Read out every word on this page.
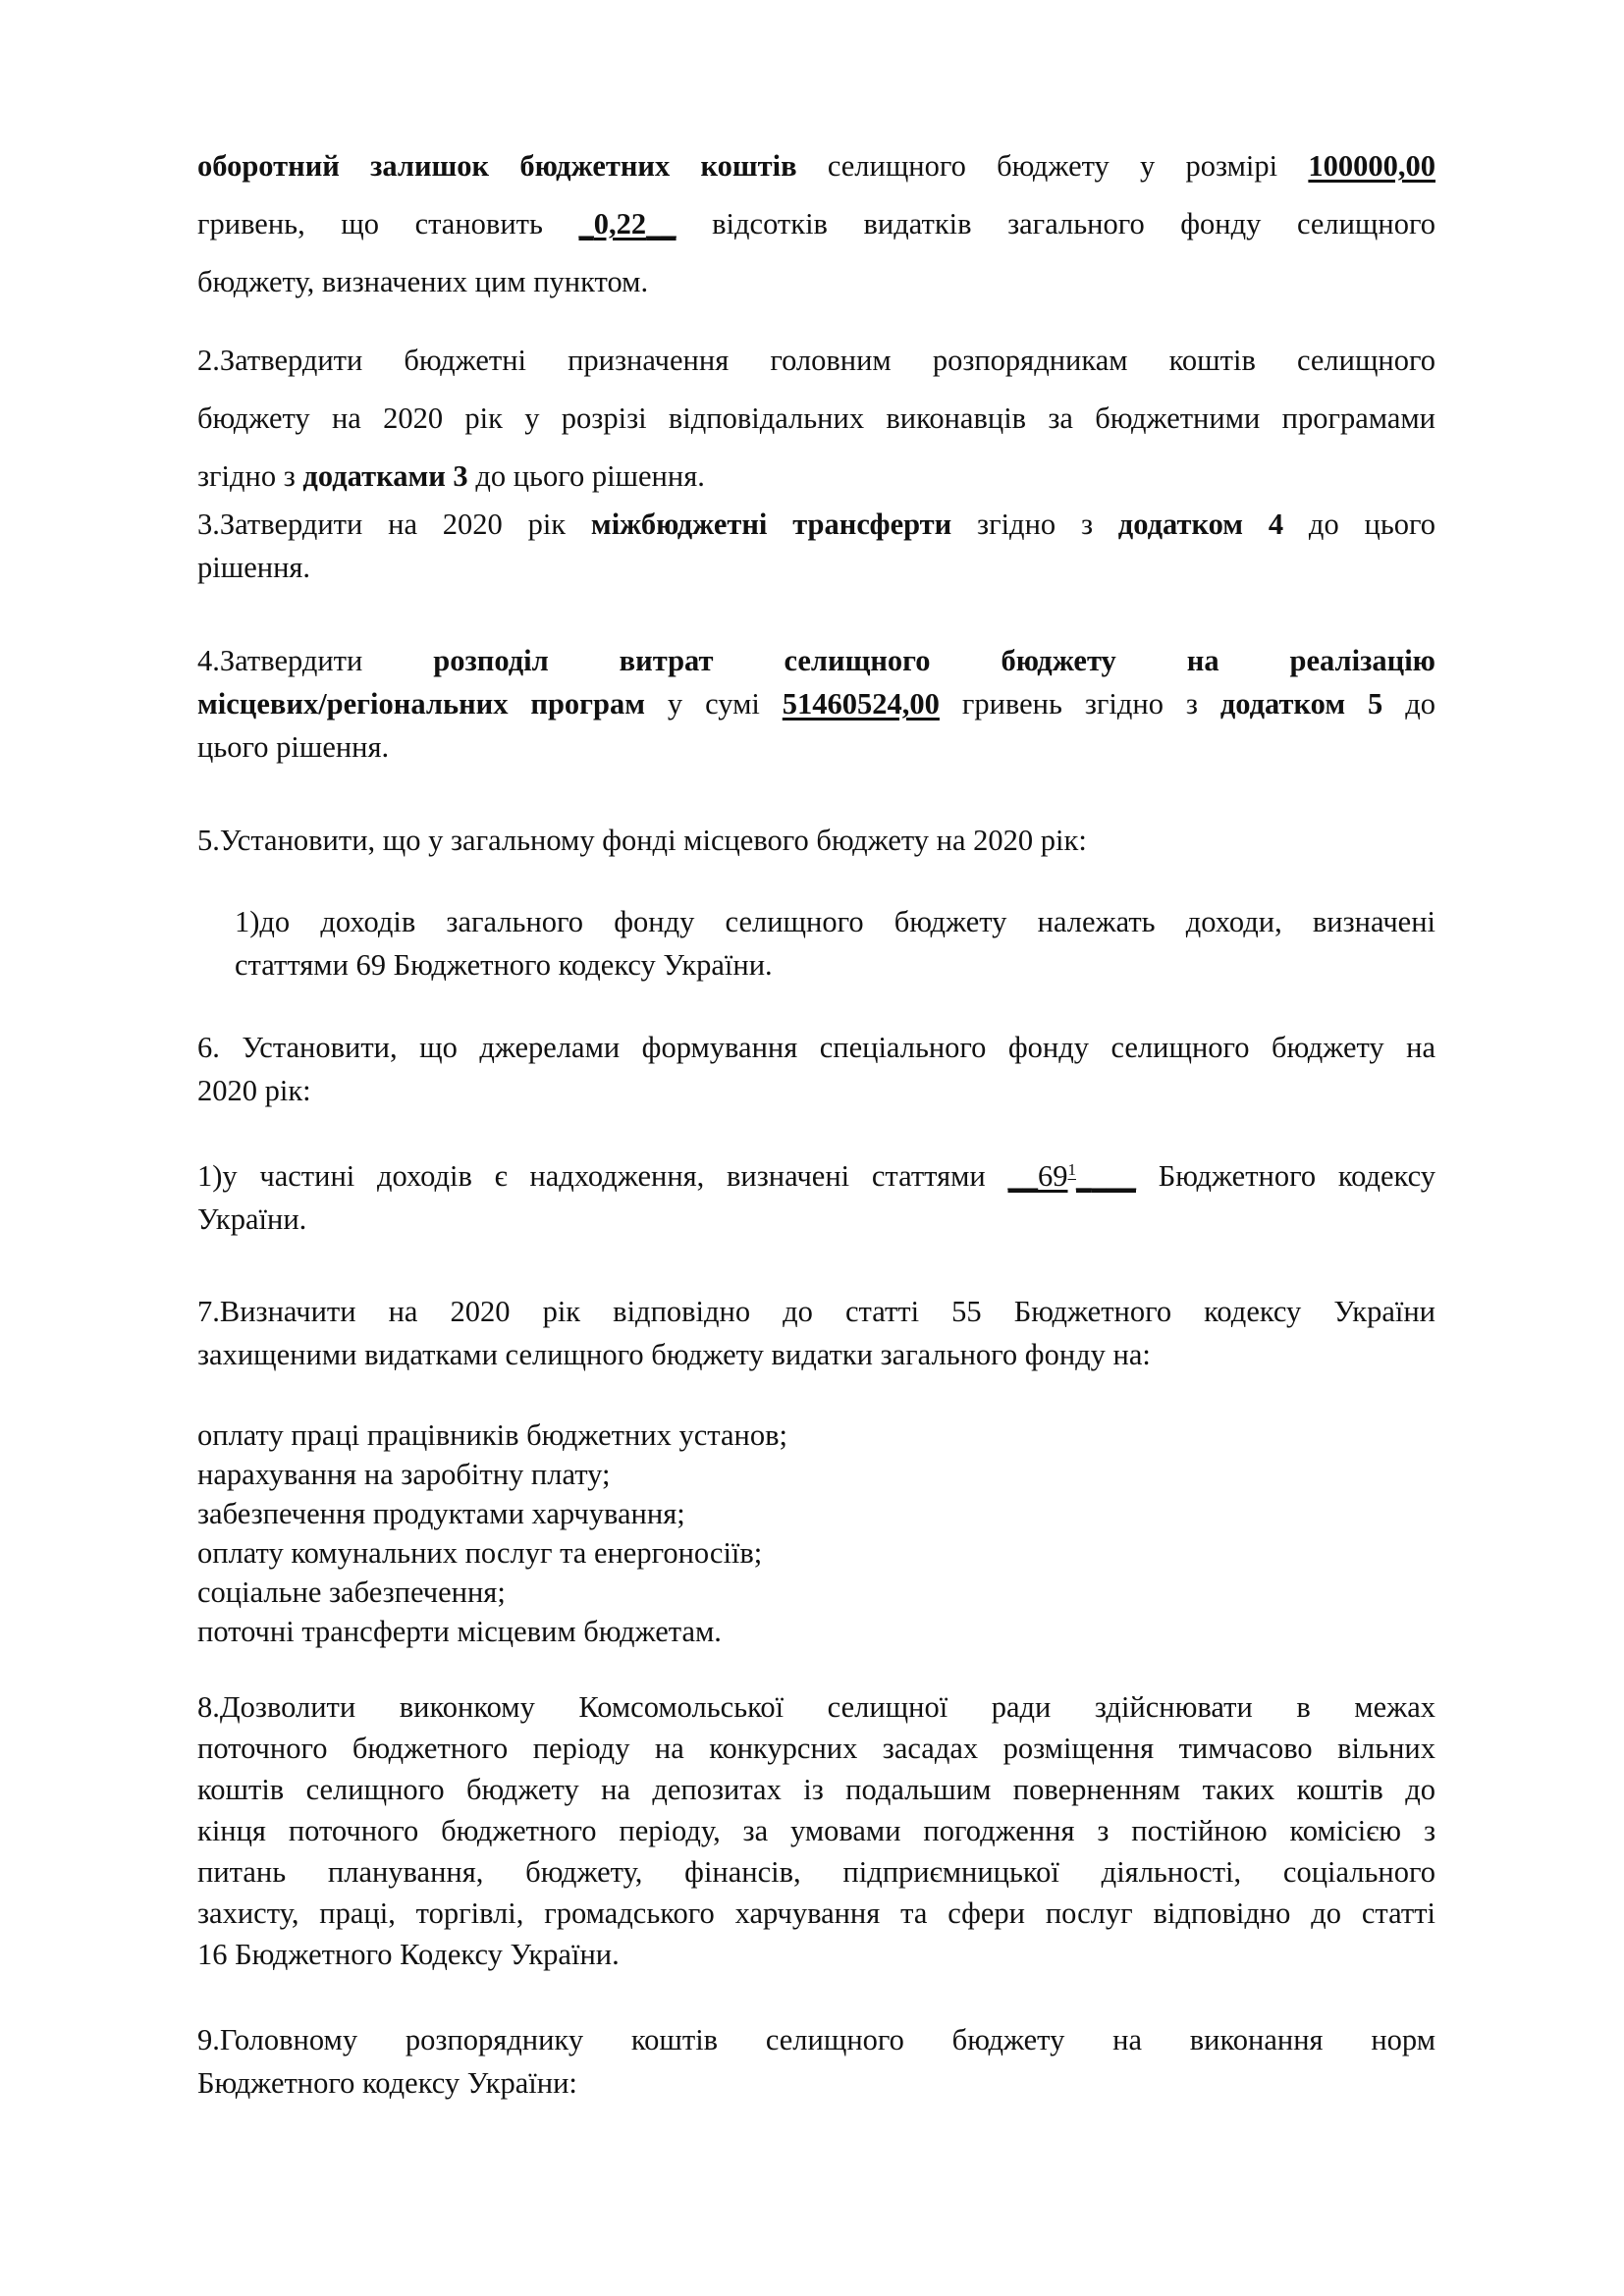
оборотний залишок бюджетних коштів селищного бюджету у розмірі 100000,00
гривень, що становить _0,22__ відсотків видатків загального фонду селищного
бюджету, визначених цим пунктом.
2.Затвердити бюджетні призначення головним розпорядникам коштів селищного
бюджету на 2020 рік у розрізі відповідальних виконавців за бюджетними програмами
згідно з додатками 3 до цього рішення.
3.Затвердити на 2020 рік міжбюджетні трансферти згідно з додатком 4 до цього
рішення.
4.Затвердити розподіл витрат селищного бюджету на реалізацію
місцевих/регіональних програм у сумі 51460524,00 гривень згідно з додатком 5 до
цього рішення.
5.Установити, що у загальному фонді місцевого бюджету на 2020 рік:
1)до доходів загального фонду селищного бюджету належать доходи, визначені
статтями 69 Бюджетного кодексу України.
6. Установити, що джерелами формування спеціального фонду селищного бюджету на
2020 рік:
1)у частині доходів є надходження, визначені статтями $\_\_69^1\_\_\_\_$ Бюджетного кодексу
України.
7.Визначити на 2020 рік відповідно до статті 55 Бюджетного кодексу України
захищеними видатками селищного бюджету видатки загального фонду на:
оплату праці працівників бюджетних установ;
нарахування на заробітну плату;
забезпечення продуктами харчування;
оплату комунальних послуг та енергоносіїв;
соціальне забезпечення;
поточні трансферти місцевим бюджетам.
8.Дозволити виконкому Комсомольської селищної ради здійснювати в межах
поточного бюджетного періоду на конкурсних засадах розміщення тимчасово вільних
коштів селищного бюджету на депозитах із подальшим поверненням таких коштів до
кінця поточного бюджетного періоду, за умовами погодження з постійною комісією з
питань планування, бюджету, фінансів, підприємницької діяльності, соціального
захисту, праці, торгівлі, громадського харчування та сфери послуг відповідно до статті
16 Бюджетного Кодексу України.
9.Головному розпоряднику коштів селищного бюджету на виконання норм
Бюджетного кодексу України:
